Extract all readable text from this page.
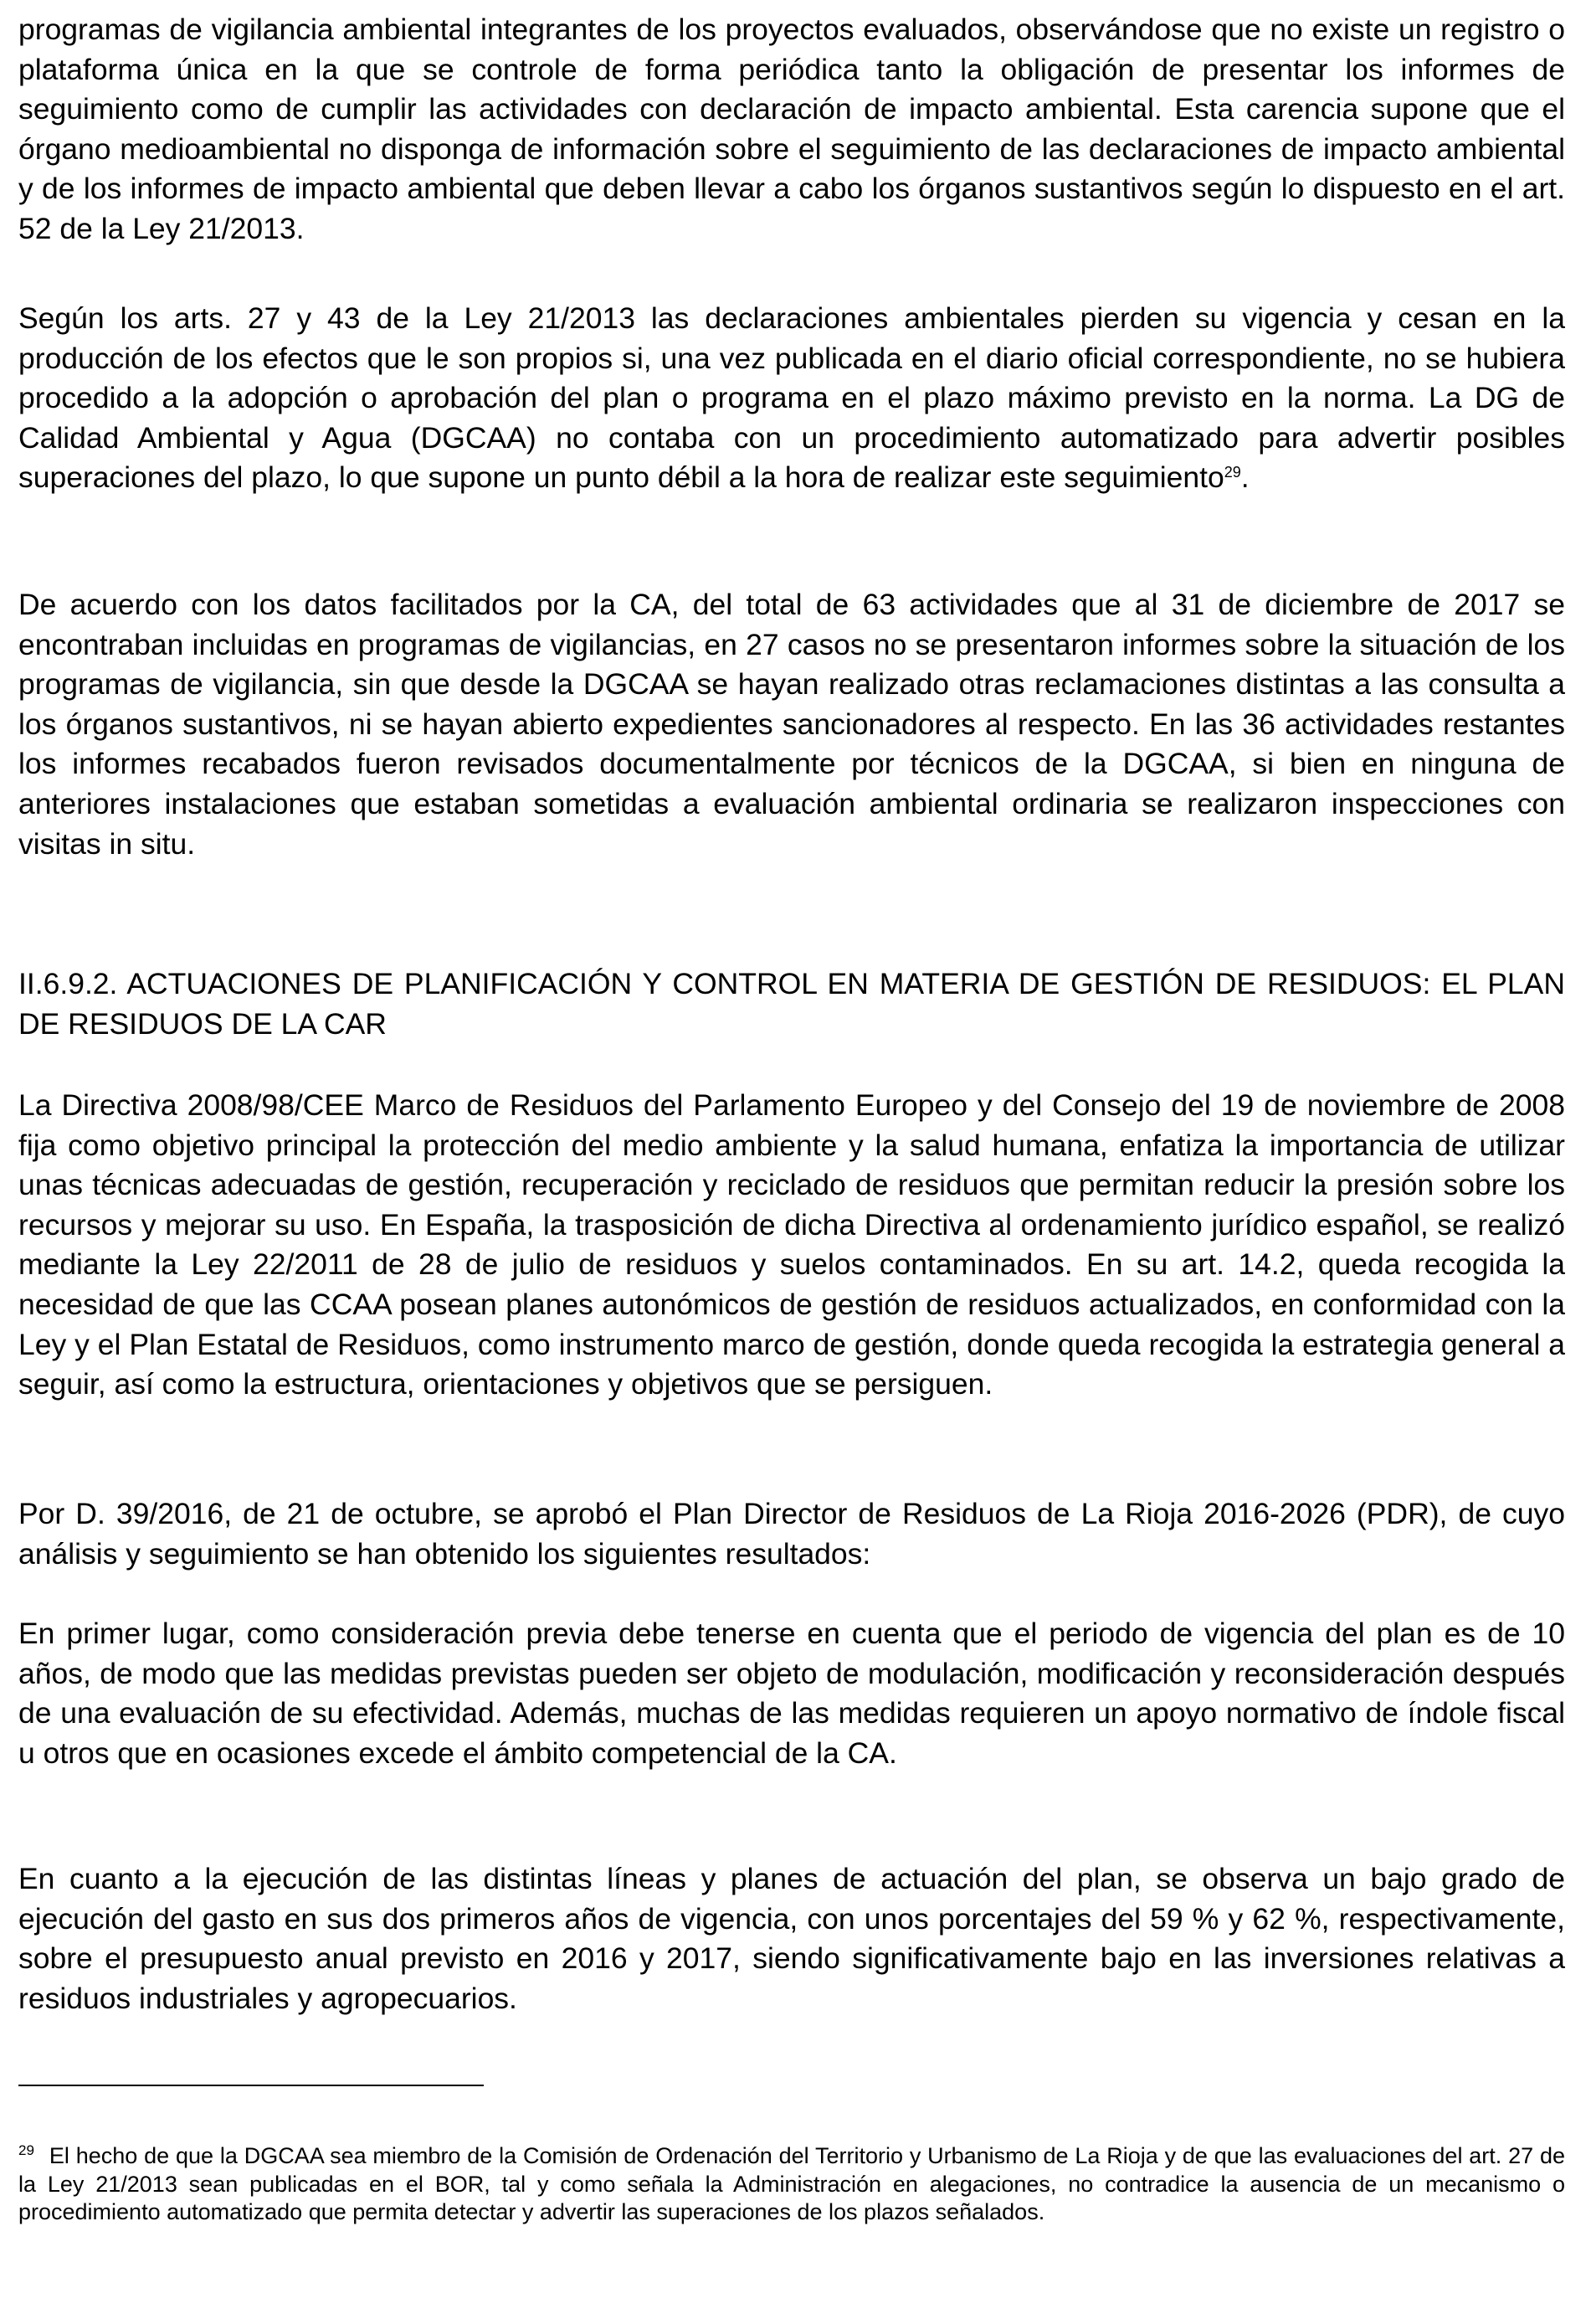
programas de vigilancia ambiental integrantes de los proyectos evaluados, observándose que no existe un registro o plataforma única en la que se controle de forma periódica tanto la obligación de presentar los informes de seguimiento como de cumplir las actividades con declaración de impacto ambiental. Esta carencia supone que el órgano medioambiental no disponga de información sobre el seguimiento de las declaraciones de impacto ambiental y de los informes de impacto ambiental que deben llevar a cabo los órganos sustantivos según lo dispuesto en el art. 52 de la Ley 21/2013.

Según los arts. 27 y 43 de la Ley 21/2013 las declaraciones ambientales pierden su vigencia y cesan en la producción de los efectos que le son propios si, una vez publicada en el diario oficial correspondiente, no se hubiera procedido a la adopción o aprobación del plan o programa en el plazo máximo previsto en la norma. La DG de Calidad Ambiental y Agua (DGCAA) no contaba con un procedimiento automatizado para advertir posibles superaciones del plazo, lo que supone un punto débil a la hora de realizar este seguimiento$^{29}$.

De acuerdo con los datos facilitados por la CA, del total de 63 actividades que al 31 de diciembre de 2017 se encontraban incluidas en programas de vigilancias, en 27 casos no se presentaron informes sobre la situación de los programas de vigilancia, sin que desde la DGCAA se hayan realizado otras reclamaciones distintas a las consulta a los órganos sustantivos, ni se hayan abierto expedientes sancionadores al respecto. En las 36 actividades restantes los informes recabados fueron revisados documentalmente por técnicos de la DGCAA, si bien en ninguna de anteriores instalaciones que estaban sometidas a evaluación ambiental ordinaria se realizaron inspecciones con visitas in situ.

II.6.9.2. ACTUACIONES DE PLANIFICACIÓN Y CONTROL EN MATERIA DE GESTIÓN DE RESIDUOS: EL PLAN DE RESIDUOS DE LA CAR

La Directiva 2008/98/CEE Marco de Residuos del Parlamento Europeo y del Consejo del 19 de noviembre de 2008 fija como objetivo principal la protección del medio ambiente y la salud humana, enfatiza la importancia de utilizar unas técnicas adecuadas de gestión, recuperación y reciclado de residuos que permitan reducir la presión sobre los recursos y mejorar su uso. En España, la trasposición de dicha Directiva al ordenamiento jurídico español, se realizó mediante la Ley 22/2011 de 28 de julio de residuos y suelos contaminados. En su art. 14.2, queda recogida la necesidad de que las CCAA posean planes autonómicos de gestión de residuos actualizados, en conformidad con la Ley y el Plan Estatal de Residuos, como instrumento marco de gestión, donde queda recogida la estrategia general a seguir, así como la estructura, orientaciones y objetivos que se persiguen.

Por D. 39/2016, de 21 de octubre, se aprobó el Plan Director de Residuos de La Rioja 2016-2026 (PDR), de cuyo análisis y seguimiento se han obtenido los siguientes resultados:

En primer lugar, como consideración previa debe tenerse en cuenta que el periodo de vigencia del plan es de 10 años, de modo que las medidas previstas pueden ser objeto de modulación, modificación y reconsideración después de una evaluación de su efectividad. Además, muchas de las medidas requieren un apoyo normativo de índole fiscal u otros que en ocasiones excede el ámbito competencial de la CA.

En cuanto a la ejecución de las distintas líneas y planes de actuación del plan, se observa un bajo grado de ejecución del gasto en sus dos primeros años de vigencia, con unos porcentajes del 59 % y 62 %, respectivamente, sobre el presupuesto anual previsto en 2016 y 2017, siendo significativamente bajo en las inversiones relativas a residuos industriales y agropecuarios.

$^{29}$ El hecho de que la DGCAA sea miembro de la Comisión de Ordenación del Territorio y Urbanismo de La Rioja y de que las evaluaciones del art. 27 de la Ley 21/2013 sean publicadas en el BOR, tal y como señala la Administración en alegaciones, no contradice la ausencia de un mecanismo o procedimiento automatizado que permita detectar y advertir las superaciones de los plazos señalados.
